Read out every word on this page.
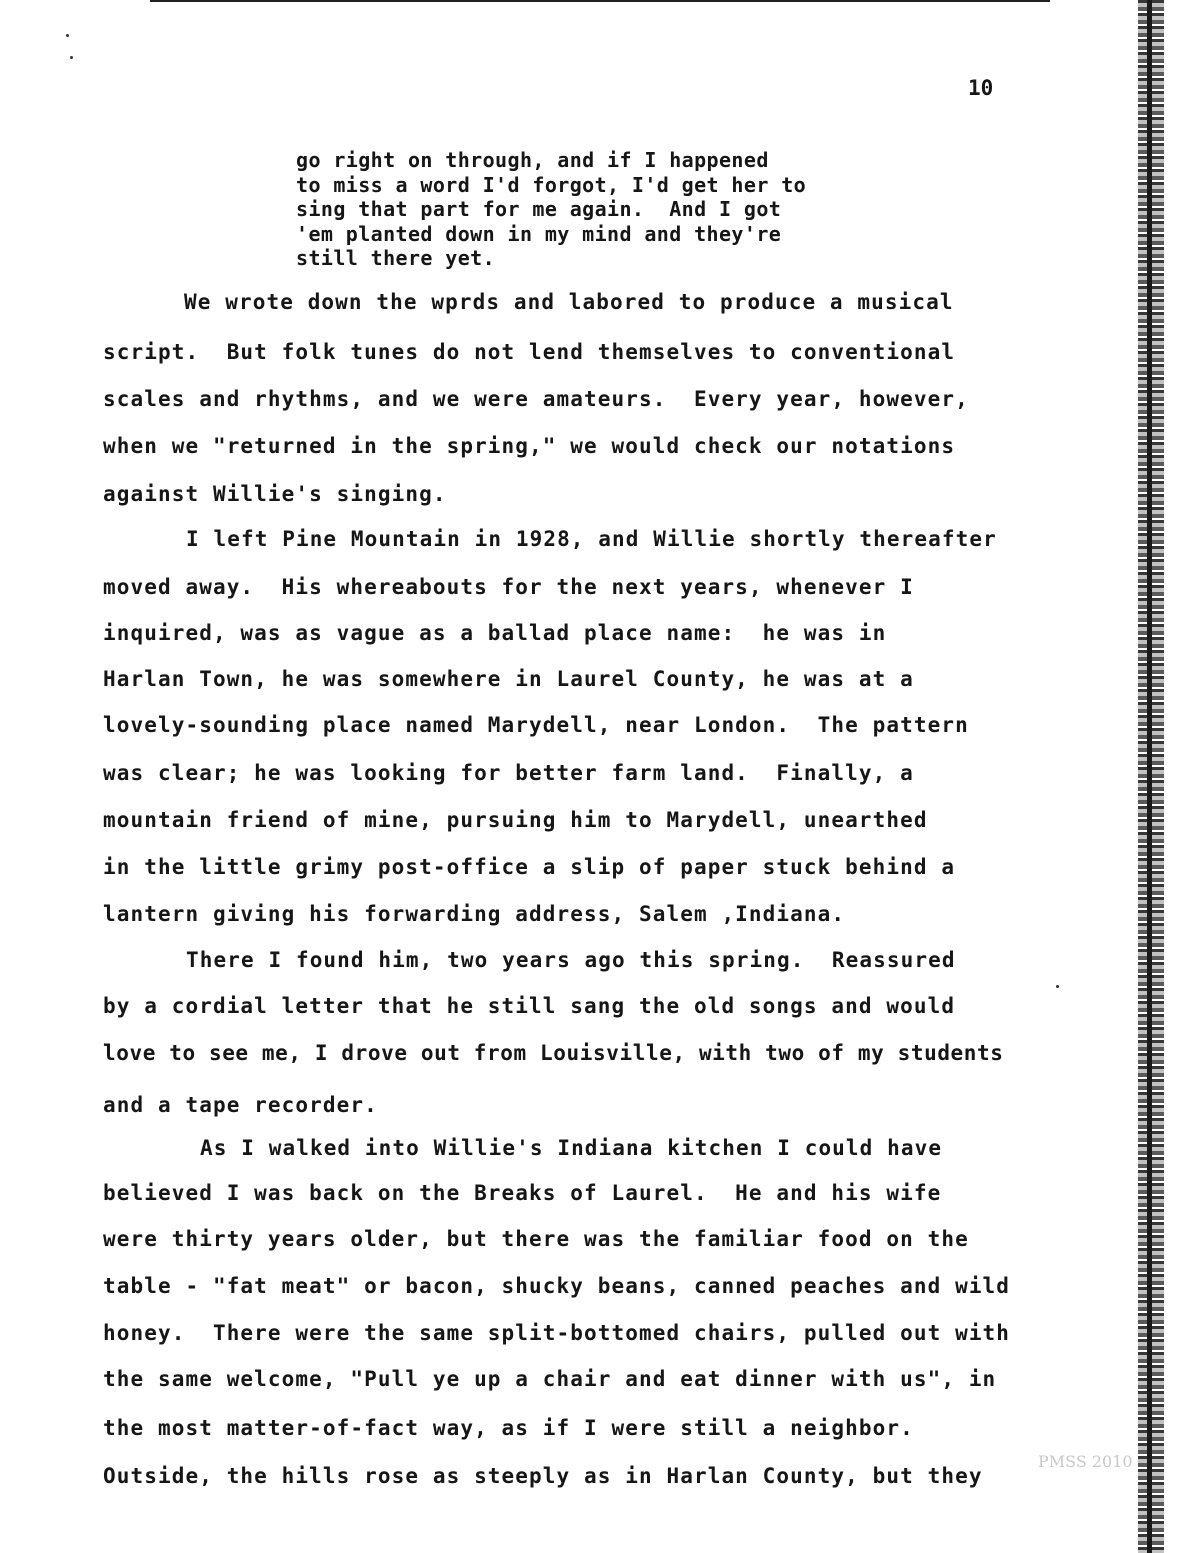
10
go right on through, and if I happened
to miss a word I'd forgot, I'd get her to
sing that part for me again.  And I got
'em planted down in my mind and they're
still there yet.
We wrote down the wprds and labored to produce a musical
script.  But folk tunes do not lend themselves to conventional
scales and rhythms, and we were amateurs.  Every year, however,
when we "returned in the spring," we would check our notations
against Willie's singing.
I left Pine Mountain in 1928, and Willie shortly thereafter
moved away.  His whereabouts for the next years, whenever I
inquired, was as vague as a ballad place name:  he was in
Harlan Town, he was somewhere in Laurel County, he was at a
lovely-sounding place named Marydell, near London.  The pattern
was clear; he was looking for better farm land.  Finally, a
mountain friend of mine, pursuing him to Marydell, unearthed
in the little grimy post-office a slip of paper stuck behind a
lantern giving his forwarding address, Salem ,Indiana.
There I found him, two years ago this spring.  Reassured
by a cordial letter that he still sang the old songs and would
love to see me, I drove out from Louisville, with two of my students
and a tape recorder.
As I walked into Willie's Indiana kitchen I could have
believed I was back on the Breaks of Laurel.  He and his wife
were thirty years older, but there was the familiar food on the
table - "fat meat" or bacon, shucky beans, canned peaches and wild
honey.  There were the same split-bottomed chairs, pulled out with
the same welcome, "Pull ye up a chair and eat dinner with us", in
the most matter-of-fact way, as if I were still a neighbor.
Outside, the hills rose as steeply as in Harlan County, but they
PMSS 2010
